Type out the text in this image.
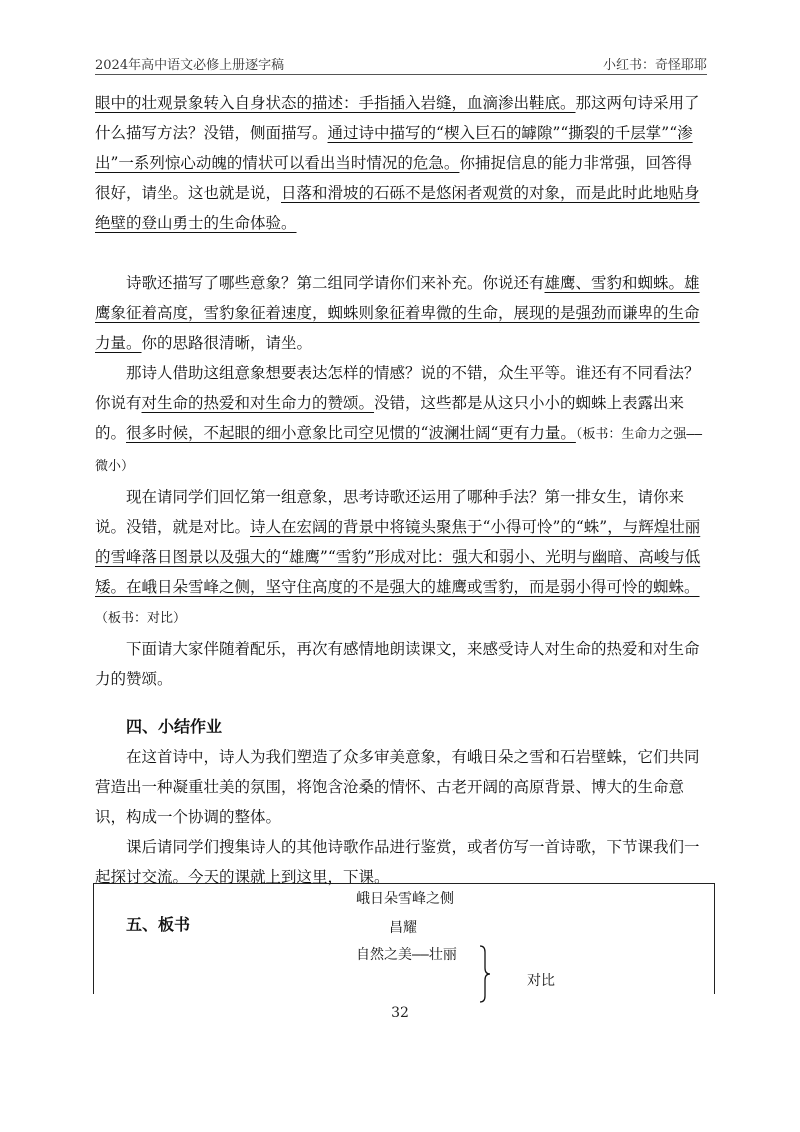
2024年高中语文必修上册逐字稿	小红书：奇怪耶耶

眼中的壮观景象转入自身状态的描述：手指插入岩缝，血滴渗出鞋底。那这两句诗采用了什么描写方法？没错，侧面描写。通过诗中描写的“楔入巨石的罅隙”“撕裂的千层掌”“渗出”一系列惊心动魄的情状可以看出当时情况的危急。你捕捉信息的能力非常强，回答得很好，请坐。这也就是说，日落和滑坡的石砾不是悠闲者观赏的对象，而是此时此地贴身绝壁的登山勇士的生命体验。

诗歌还描写了哪些意象？第二组同学请你们来补充。你说还有雄鹰、雪豹和蜘蛛。雄鹰象征着高度，雪豹象征着速度，蜘蛛则象征着卑微的生命，展现的是强劲而谦卑的生命力量。你的思路很清晰，请坐。

那诗人借助这组意象想要表达怎样的情感？说的不错，众生平等。谁还有不同看法？你说有对生命的热爱和对生命力的赞颂。没错，这些都是从这只小小的蜘蛛上表露出来的。很多时候，不起眼的细小意象比司空见惯的“波澜壮阔“更有力量。（板书：生命力之强——微小）

现在请同学们回忆第一组意象，思考诗歌还运用了哪种手法？第一排女生，请你来说。没错，就是对比。诗人在宏阔的背景中将镜头聚焦于“小得可怜”的“蛛”，与辉煌壮丽的雪峰落日图景以及强大的“雄鹰”“雪豹”形成对比：强大和弱小、光明与幽暗、高峻与低矮。在峨日朵雪峰之侧，坚守住高度的不是强大的雄鹰或雪豹，而是弱小得可怜的蜘蛛。（板书：对比）

下面请大家伴随着配乐，再次有感情地朗读课文，来感受诗人对生命的热爱和对生命力的赞颂。

四、小结作业

在这首诗中，诗人为我们塑造了众多审美意象，有峨日朵之雪和石岩壁蛛，它们共同营造出一种凝重壮美的氛围，将饱含沧桑的情怀、古老开阔的高原背景、博大的生命意识，构成一个协调的整体。

课后请同学们搜集诗人的其他诗歌作品进行鉴赏，或者仿写一首诗歌，下节课我们一起探讨交流。今天的课就上到这里，下课。

五、板书

峨日朵雪峰之侧
昌耀
自然之美——壮丽
对比
32
